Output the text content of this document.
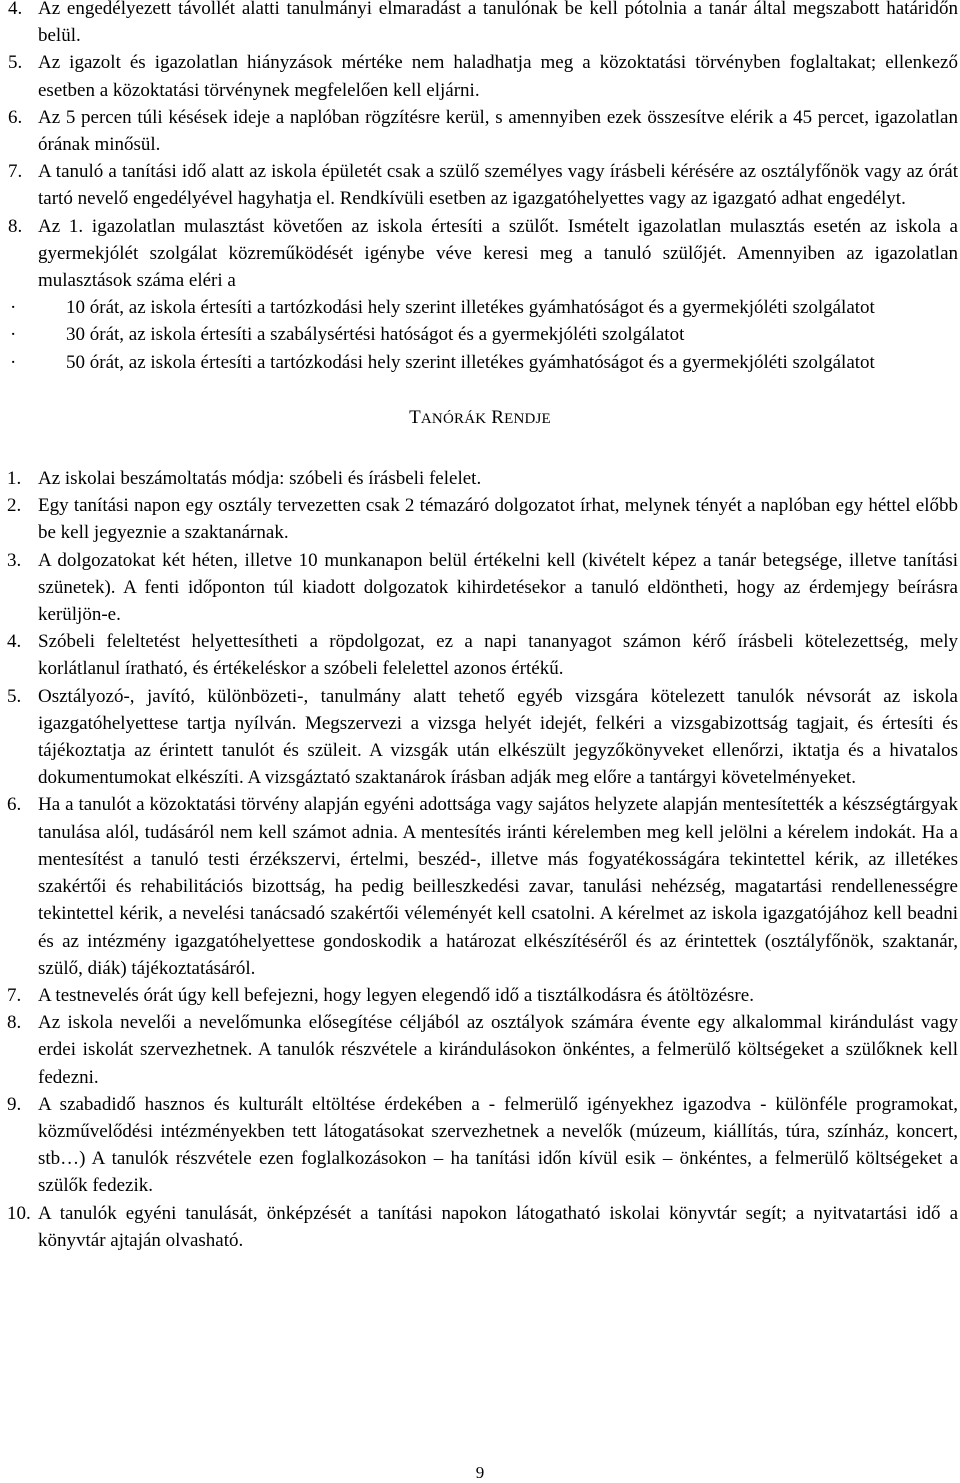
4. Az engedélyezett távollét alatti tanulmányi elmaradást a tanulónak be kell pótolnia a tanár által megszabott határidőn belül.
5. Az igazolt és igazolatlan hiányzások mértéke nem haladhatja meg a közoktatási törvényben foglaltakat; ellenkező esetben a közoktatási törvénynek megfelelően kell eljárni.
6. Az 5 percen túli késések ideje a naplóban rögzítésre kerül, s amennyiben ezek összesítve elérik a 45 percet, igazolatlan órának minősül.
7. A tanuló a tanítási idő alatt az iskola épületét csak a szülő személyes vagy írásbeli kérésére az osztályfőnök vagy az órát tartó nevelő engedélyével hagyhatja el. Rendkívüli esetben az igazgatóhelyettes vagy az igazgató adhat engedélyt.
8. Az 1. igazolatlan mulasztást követően az iskola értesíti a szülőt. Ismételt igazolatlan mulasztás esetén az iskola a gyermekjólét szolgálat közreműködését igénybe véve keresi meg a tanuló szülőjét. Amennyiben az igazolatlan mulasztások száma eléri a
·	10 órát, az iskola értesíti a tartózkodási hely szerint illetékes gyámhatóságot és a gyermekjóléti szolgálatot
·	30 órát, az iskola értesíti a szabálysértési hatóságot és a gyermekjóléti szolgálatot
·	50 órát, az iskola értesíti a tartózkodási hely szerint illetékes gyámhatóságot és a gyermekjóléti szolgálatot
TANÓRÁK RENDJE
1. Az iskolai beszámoltatás módja: szóbeli és írásbeli felelet.
2. Egy tanítási napon egy osztály tervezetten csak 2 témazáró dolgozatot írhat, melynek tényét a naplóban egy héttel előbb be kell jegyeznie a szaktanárnak.
3. A dolgozatokat két héten, illetve 10 munkanapon belül értékelni kell (kivételt képez a tanár betegsége, illetve tanítási szünetek). A fenti időponton túl kiadott dolgozatok kihirdetésekor a tanuló eldöntheti, hogy az érdemjegy beírásra kerüljön-e.
4. Szóbeli feleltetést helyettesítheti a röpdolgozat, ez a napi tananyagot számon kérő írásbeli kötelezettség, mely korlátlanul íratható, és értékeléskor a szóbeli felelettel azonos értékű.
5. Osztályozó-, javító, különbözeti-, tanulmány alatt tehető egyéb vizsgára kötelezett tanulók névsorát az iskola igazgatóhelyettese tartja nyílván. Megszervezi a vizsga helyét idejét, felkéri a vizsgabizottság tagjait, és értesíti és tájékoztatja az érintett tanulót és szüleit. A vizsgák után elkészült jegyzőkönyveket ellenőrzi, iktatja és a hivatalos dokumentumokat elkészíti. A vizsgáztató szaktanárok írásban adják meg előre a tantárgyi követelményeket.
6. Ha a tanulót a közoktatási törvény alapján egyéni adottsága vagy sajátos helyzete alapján mentesítették a készségtárgyak tanulása alól, tudásáról nem kell számot adnia. A mentesítés iránti kérelemben meg kell jelölni a kérelem indokát. Ha a mentesítést a tanuló testi érzékszervi, értelmi, beszéd-, illetve más fogyatékosságára tekintettel kérik, az illetékes szakértői és rehabilitációs bizottság, ha pedig beilleszkedési zavar, tanulási nehézség, magatartási rendellenességre tekintettel kérik, a nevelési tanácsadó szakértői véleményét kell csatolni. A kérelmet az iskola igazgatójához kell beadni és az intézmény igazgatóhelyettese gondoskodik a határozat elkészítéséről és az érintettek (osztályfőnök, szaktanár, szülő, diák) tájékoztatásáról.
7. A testnevelés órát úgy kell befejezni, hogy legyen elegendő idő a tisztálkodásra és átöltözésre.
8. Az iskola nevelői a nevelőmunka elősegítése céljából az osztályok számára évente egy alkalommal kirándulást vagy erdei iskolát szervezhetnek. A tanulók részvétele a kirándulásokon önkéntes, a felmerülő költségeket a szülőknek kell fedezni.
9. A szabadidő hasznos és kulturált eltöltése érdekében a - felmerülő igényekhez igazodva - különféle programokat, közművelődési intézményekben tett látogatásokat szervezhetnek a nevelők (múzeum, kiállítás, túra, színház, koncert, stb…) A tanulók részvétele ezen foglalkozásokon – ha tanítási időn kívül esik – önkéntes, a felmerülő költségeket a szülők fedezik.
10. A tanulók egyéni tanulását, önképzését a tanítási napokon látogatható iskolai könyvtár segít; a nyitvatartási idő a könyvtár ajtaján olvasható.
9
